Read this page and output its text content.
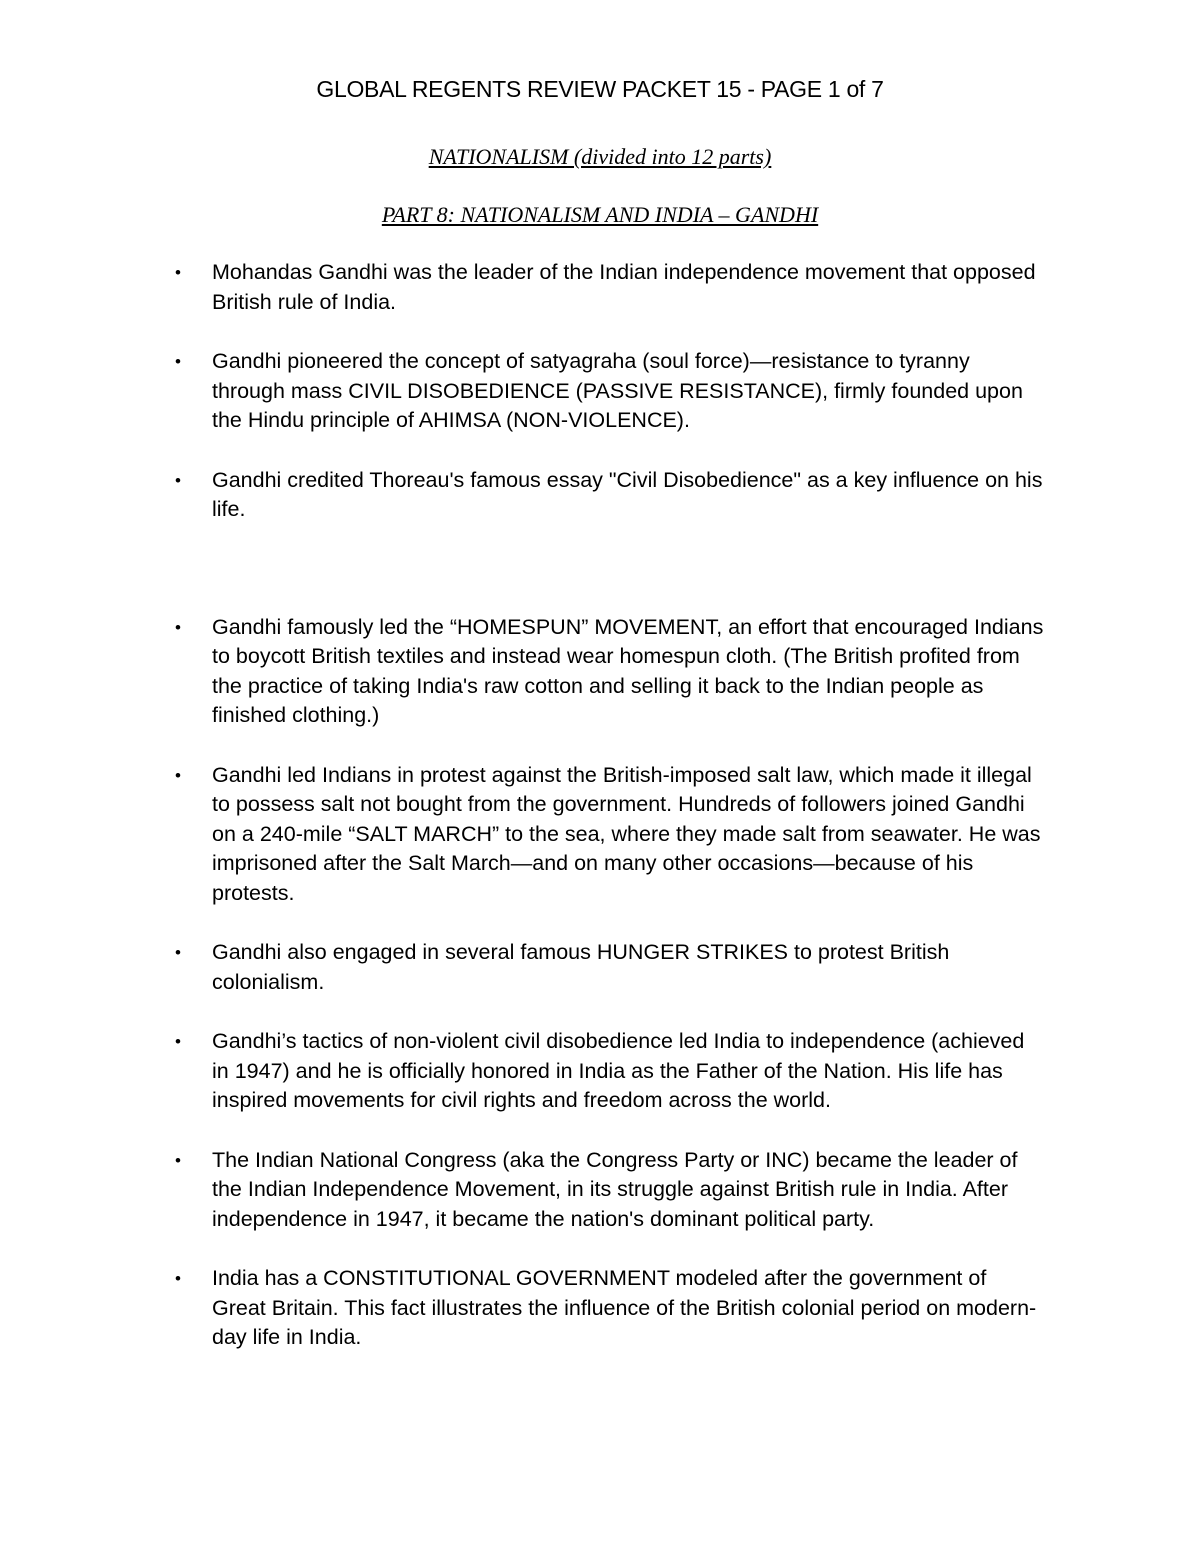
GLOBAL REGENTS REVIEW PACKET 15 - PAGE 1 of 7

NATIONALISM (divided into 12 parts)

PART 8: NATIONALISM AND INDIA – GANDHI

• Mohandas Gandhi was the leader of the Indian independence movement that opposed British rule of India.
• Gandhi pioneered the concept of satyagraha (soul force)—resistance to tyranny through mass CIVIL DISOBEDIENCE (PASSIVE RESISTANCE), firmly founded upon the Hindu principle of AHIMSA (NON-VIOLENCE).
• Gandhi credited Thoreau's famous essay "Civil Disobedience" as a key influence on his life.
• Gandhi famously led the “HOMESPUN” MOVEMENT, an effort that encouraged Indians to boycott British textiles and instead wear homespun cloth. (The British profited from the practice of taking India's raw cotton and selling it back to the Indian people as finished clothing.)
• Gandhi led Indians in protest against the British-imposed salt law, which made it illegal to possess salt not bought from the government. Hundreds of followers joined Gandhi on a 240-mile “SALT MARCH” to the sea, where they made salt from seawater. He was imprisoned after the Salt March—and on many other occasions—because of his protests.
• Gandhi also engaged in several famous HUNGER STRIKES to protest British colonialism.
• Gandhi’s tactics of non-violent civil disobedience led India to independence (achieved in 1947) and he is officially honored in India as the Father of the Nation. His life has inspired movements for civil rights and freedom across the world.
• The Indian National Congress (aka the Congress Party or INC) became the leader of the Indian Independence Movement, in its struggle against British rule in India. After independence in 1947, it became the nation's dominant political party.
• India has a CONSTITUTIONAL GOVERNMENT modeled after the government of Great Britain. This fact illustrates the influence of the British colonial period on modern-day life in India.
